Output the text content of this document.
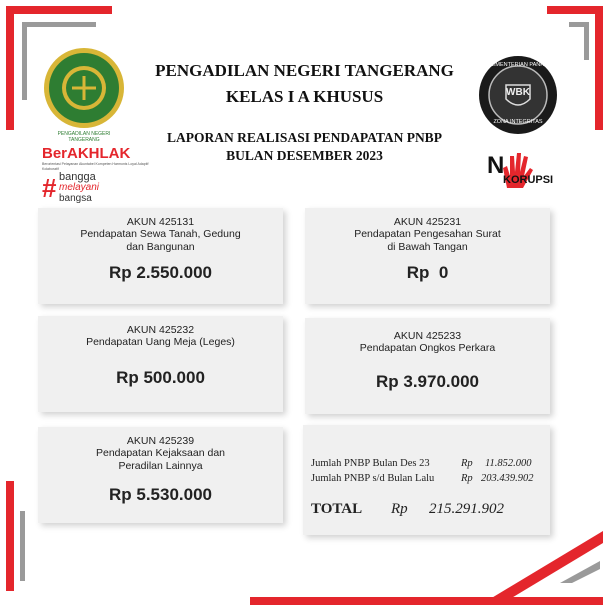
PENGADILAN NEGERI TANGERANG
BerAKHLAK
Berorientasi Pelayanan Akuntabel Kompeten Harmonis Loyal Adaptif Kolaboratif
# bangga
melayani
bangsa
PENGADILAN NEGERI TANGERANG
KELAS I A KHUSUS
LAPORAN REALISASI PENDAPATAN PNBP
BULAN DESEMBER 2023
KEMENTERIAN PANRB
WBK
ZONA INTEGRITAS
N
KORUPSI
AKUN 425131
Pendapatan Sewa Tanah, Gedung
dan Bangunan
Rp 2.550.000
AKUN 425231
Pendapatan Pengesahan Surat
di Bawah Tangan
Rp  0
AKUN 425232
Pendapatan Uang Meja (Leges)
Rp 500.000
AKUN 425233
Pendapatan Ongkos Perkara
Rp 3.970.000
AKUN 425239
Pendapatan Kejaksaan dan
Peradilan Lainnya
Rp 5.530.000
Jumlah PNBP Bulan Des 23	Rp 11.852.000
Jumlah PNBP s/d Bulan Lalu	Rp 203.439.902
TOTAL Rp 215.291.902
